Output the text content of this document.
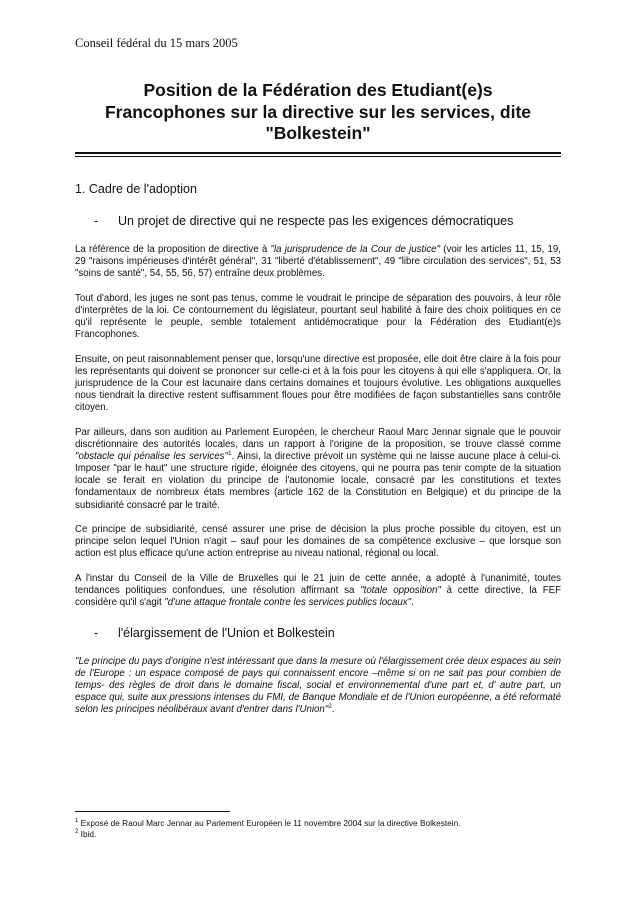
Conseil fédéral du 15 mars 2005
Position de la Fédération des Etudiant(e)s
Francophones sur la directive sur les services, dite
"Bolkestein"
1. Cadre de l'adoption
- Un projet de directive qui ne respecte pas les exigences démocratiques
La référence de la proposition de directive à "la jurisprudence de la Cour de justice" (voir les articles 11, 15, 19, 29 "raisons impérieuses d'intérêt général", 31 "liberté d'établissement", 49 "libre circulation des services", 51, 53 "soins de santé", 54, 55, 56, 57) entraîne deux problèmes.
Tout d'abord, les juges ne sont pas tenus, comme le voudrait le principe de séparation des pouvoirs, à leur rôle d'interprètes de la loi. Ce contournement du législateur, pourtant seul habilité à faire des choix politiques en ce qu'il représente le peuple, semble totalement antidémocratique pour la Fédération des Etudiant(e)s Francophones.
Ensuite, on peut raisonnablement penser que, lorsqu'une directive est proposée, elle doit être claire à la fois pour les représentants qui doivent se prononcer sur celle-ci et à la fois pour les citoyens à qui elle s'appliquera. Or, la jurisprudence de la Cour est lacunaire dans certains domaines et toujours évolutive. Les obligations auxquelles nous tiendrait la directive restent suffisamment floues pour être modifiées de façon substantielles sans contrôle citoyen.
Par ailleurs, dans son audition au Parlement Européen, le chercheur Raoul Marc Jennar signale que le pouvoir discrétionnaire des autorités locales, dans un rapport à l'origine de la proposition, se trouve classé comme "obstacle qui pénalise les services"$^1$. Ainsi, la directive prévoit un système qui ne laisse aucune place à celui-ci. Imposer "par le haut" une structure rigide, éloignée des citoyens, qui ne pourra pas tenir compte de la situation locale se ferait en violation du principe de l'autonomie locale, consacré par les constitutions et textes fondamentaux de nombreux états membres (article 162 de la Constitution en Belgique) et du principe de la subsidiarité consacré par le traité.
Ce principe de subsidiarité, censé assurer une prise de décision la plus proche possible du citoyen, est un principe selon lequel l'Union n'agit – sauf pour les domaines de sa compétence exclusive – que lorsque son action est plus efficace qu'une action entreprise au niveau national, régional ou local.
A l'instar du Conseil de la Ville de Bruxelles qui le 21 juin de cette année, a adopté à l'unanimité, toutes tendances politiques confondues, une résolution affirmant sa "totale opposition" à cette directive, la FEF considère qu'il s'agit "d'une attaque frontale contre les services publics locaux".
- l'élargissement de l'Union et Bolkestein
"Le principe du pays d'origine n'est intéressant que dans la mesure où l'élargissement crée deux espaces au sein de l'Europe : un espace composé de pays qui connaissent encore –même si on ne sait pas pour combien de temps- des règles de droit dans le domaine fiscal, social et environnemental d'une part et, d' autre part, un espace qui, suite aux pressions intenses du FMI, de Banque Mondiale et de l'Union européenne, a été reformaté selon les principes néolibéraux avant d'entrer dans l'Union"$^2$.
$^1$ Exposé de Raoul Marc Jennar au Parlement Européen le 11 novembre 2004 sur la directive Bolkestein.
$^2$ Ibid.
